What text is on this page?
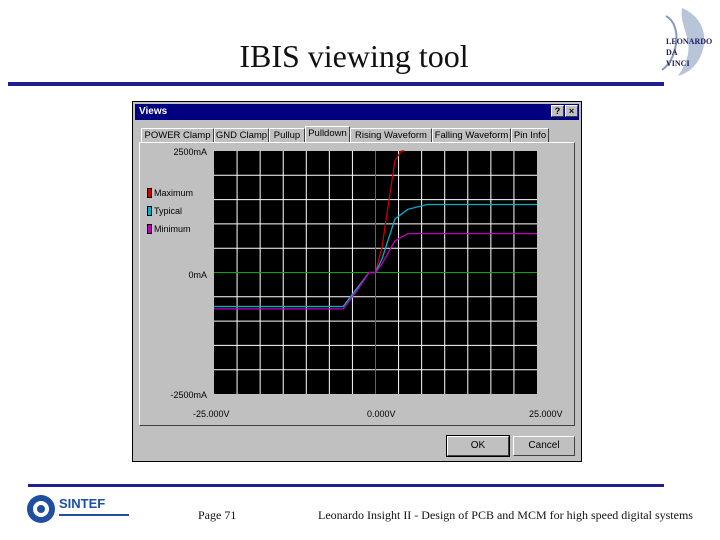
IBIS viewing tool	LEONARDO
DA
VINCI
Views	? ×
POWER Clamp GND Clamp Pullup Pulldown Rising Waveform Falling Waveform Pin Info
2500mA
0mA
-2500mA
Maximum
Typical
Minimum
-25.000V	0.000V	25.000V
OK	Cancel
SINTEF
Page 71	Leonardo Insight II - Design of PCB and MCM for high speed digital systems
